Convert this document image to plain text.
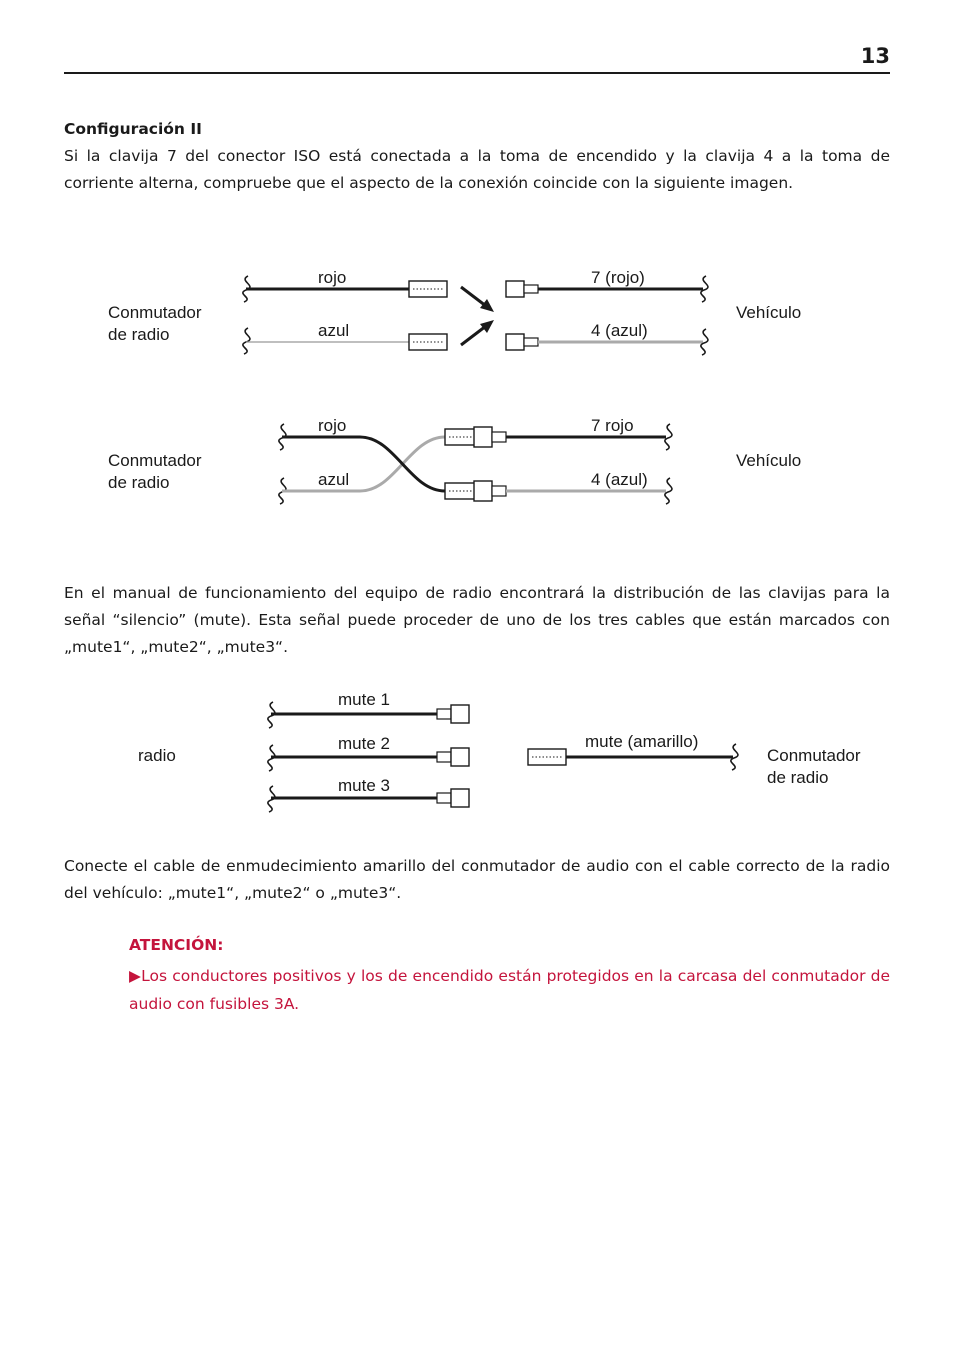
13
Configuración II
Si la clavija 7 del conector ISO está conectada a la toma de encendido y la clavija 4 a la toma de corriente alterna, compruebe que el aspecto de la conexión coincide con la siguiente imagen.
Conmutador
de radio
Vehículo
rojo
azul
7 (rojo)
4 (azul)
Conmutador
de radio
Vehículo
rojo
azul
7 rojo
4 (azul)
radio
mute 1
mute 2
mute 3
mute (amarillo)
Conmutador
de radio
En el manual de funcionamiento del equipo de radio encontrará la distribución de las clavijas para la señal “silencio” (mute). Esta señal puede proceder de uno de los tres cables que están marcados con „mute1“, „mute2“, „mute3“.
Conecte el cable de enmudecimiento amarillo del conmutador de audio con el cable correcto de la radio del vehículo: „mute1“, „mute2“ o „mute3“.
ATENCIÓN:
▶Los conductores positivos y los de encendido están protegidos en la carcasa del conmutador de audio con fusibles 3A.
